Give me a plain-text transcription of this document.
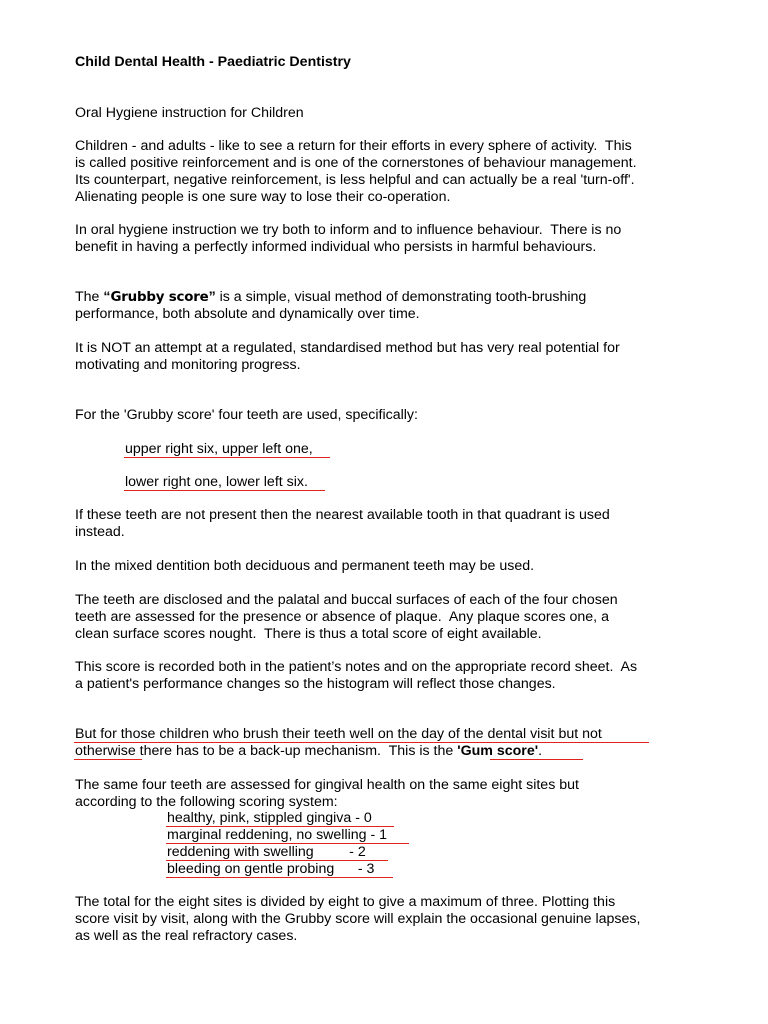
Child Dental Health - Paediatric Dentistry
Oral Hygiene instruction for Children
Children - and adults - like to see a return for their efforts in every sphere of activity.  This
is called positive reinforcement and is one of the cornerstones of behaviour management.
Its counterpart, negative reinforcement, is less helpful and can actually be a real 'turn-off'.
Alienating people is one sure way to lose their co-operation.
In oral hygiene instruction we try both to inform and to influence behaviour.  There is no
benefit in having a perfectly informed individual who persists in harmful behaviours.
The “Grubby score” is a simple, visual method of demonstrating tooth-brushing
performance, both absolute and dynamically over time.
It is NOT an attempt at a regulated, standardised method but has very real potential for
motivating and monitoring progress.
For the 'Grubby score' four teeth are used, specifically:
upper right six, upper left one,
lower right one, lower left six.
If these teeth are not present then the nearest available tooth in that quadrant is used
instead.
In the mixed dentition both deciduous and permanent teeth may be used.
The teeth are disclosed and the palatal and buccal surfaces of each of the four chosen
teeth are assessed for the presence or absence of plaque.  Any plaque scores one, a
clean surface scores nought.  There is thus a total score of eight available.
This score is recorded both in the patient’s notes and on the appropriate record sheet.  As
a patient's performance changes so the histogram will reflect those changes.
But for those children who brush their teeth well on the day of the dental visit but not
otherwise there has to be a back-up mechanism.  This is the 'Gum score'.
The same four teeth are assessed for gingival health on the same eight sites but
according to the following scoring system:
healthy, pink, stippled gingiva - 0
marginal reddening, no swelling - 1
reddening with swelling         - 2
bleeding on gentle probing      - 3
The total for the eight sites is divided by eight to give a maximum of three. Plotting this
score visit by visit, along with the Grubby score will explain the occasional genuine lapses,
as well as the real refractory cases.
